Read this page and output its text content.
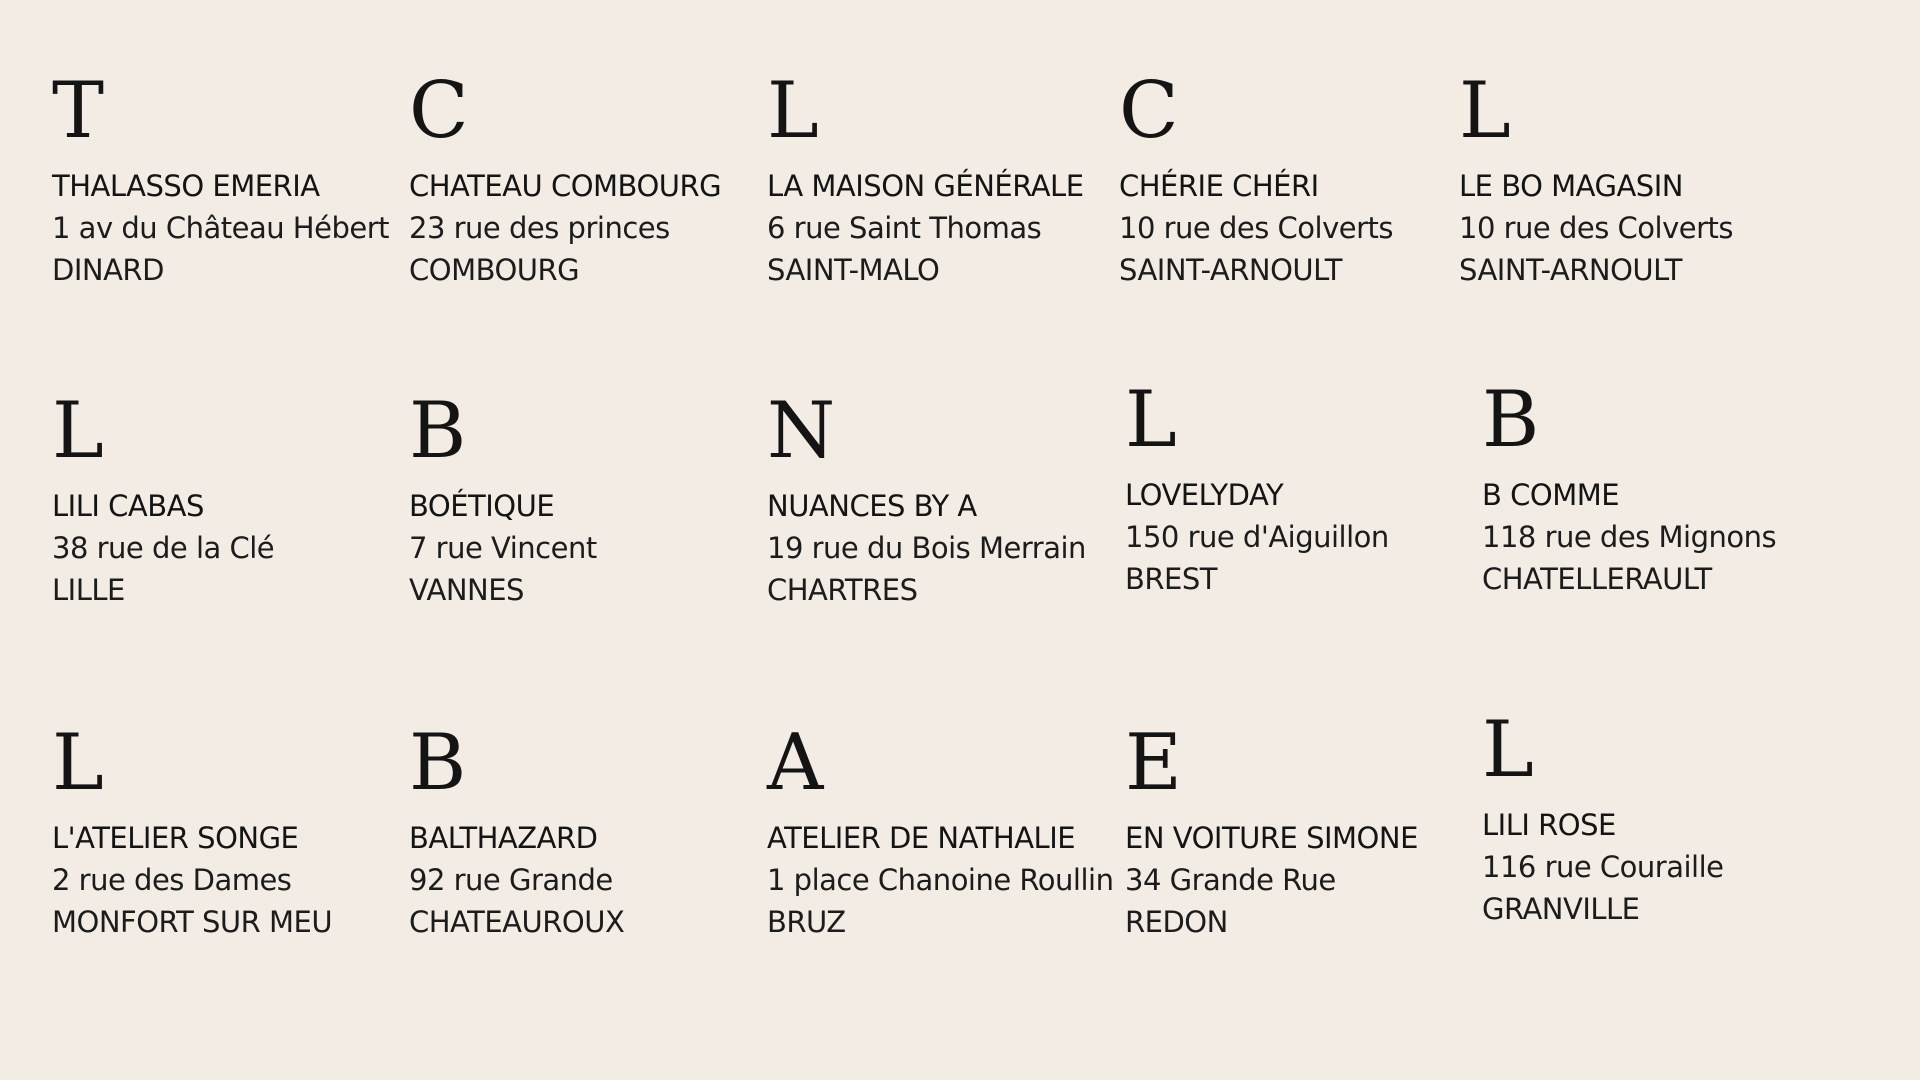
T
THALASSO EMERIA
1 av du Château Hébert
DINARD
C
CHATEAU COMBOURG
23 rue des princes
COMBOURG
L
LA MAISON GÉNÉRALE
6 rue Saint Thomas
SAINT-MALO
C
CHÉRIE CHÉRI
10 rue des Colverts
SAINT-ARNOULT
L
LE BO MAGASIN
10 rue des Colverts
SAINT-ARNOULT
L
LILI CABAS
38 rue de la Clé
LILLE
B
BOÉTIQUE
7 rue Vincent
VANNES
N
NUANCES BY A
19 rue du Bois Merrain
CHARTRES
L
LOVELYDAY
150 rue d'Aiguillon
BREST
B
B COMME
118 rue des Mignons
CHATELLERAULT
L
L'ATELIER SONGE
2 rue des Dames
MONFORT SUR MEU
B
BALTHAZARD
92 rue Grande
CHATEAUROUX
A
ATELIER DE NATHALIE
1 place Chanoine Roullin
BRUZ
E
EN VOITURE SIMONE
34 Grande Rue
REDON
L
LILI ROSE
116 rue Couraille
GRANVILLE
